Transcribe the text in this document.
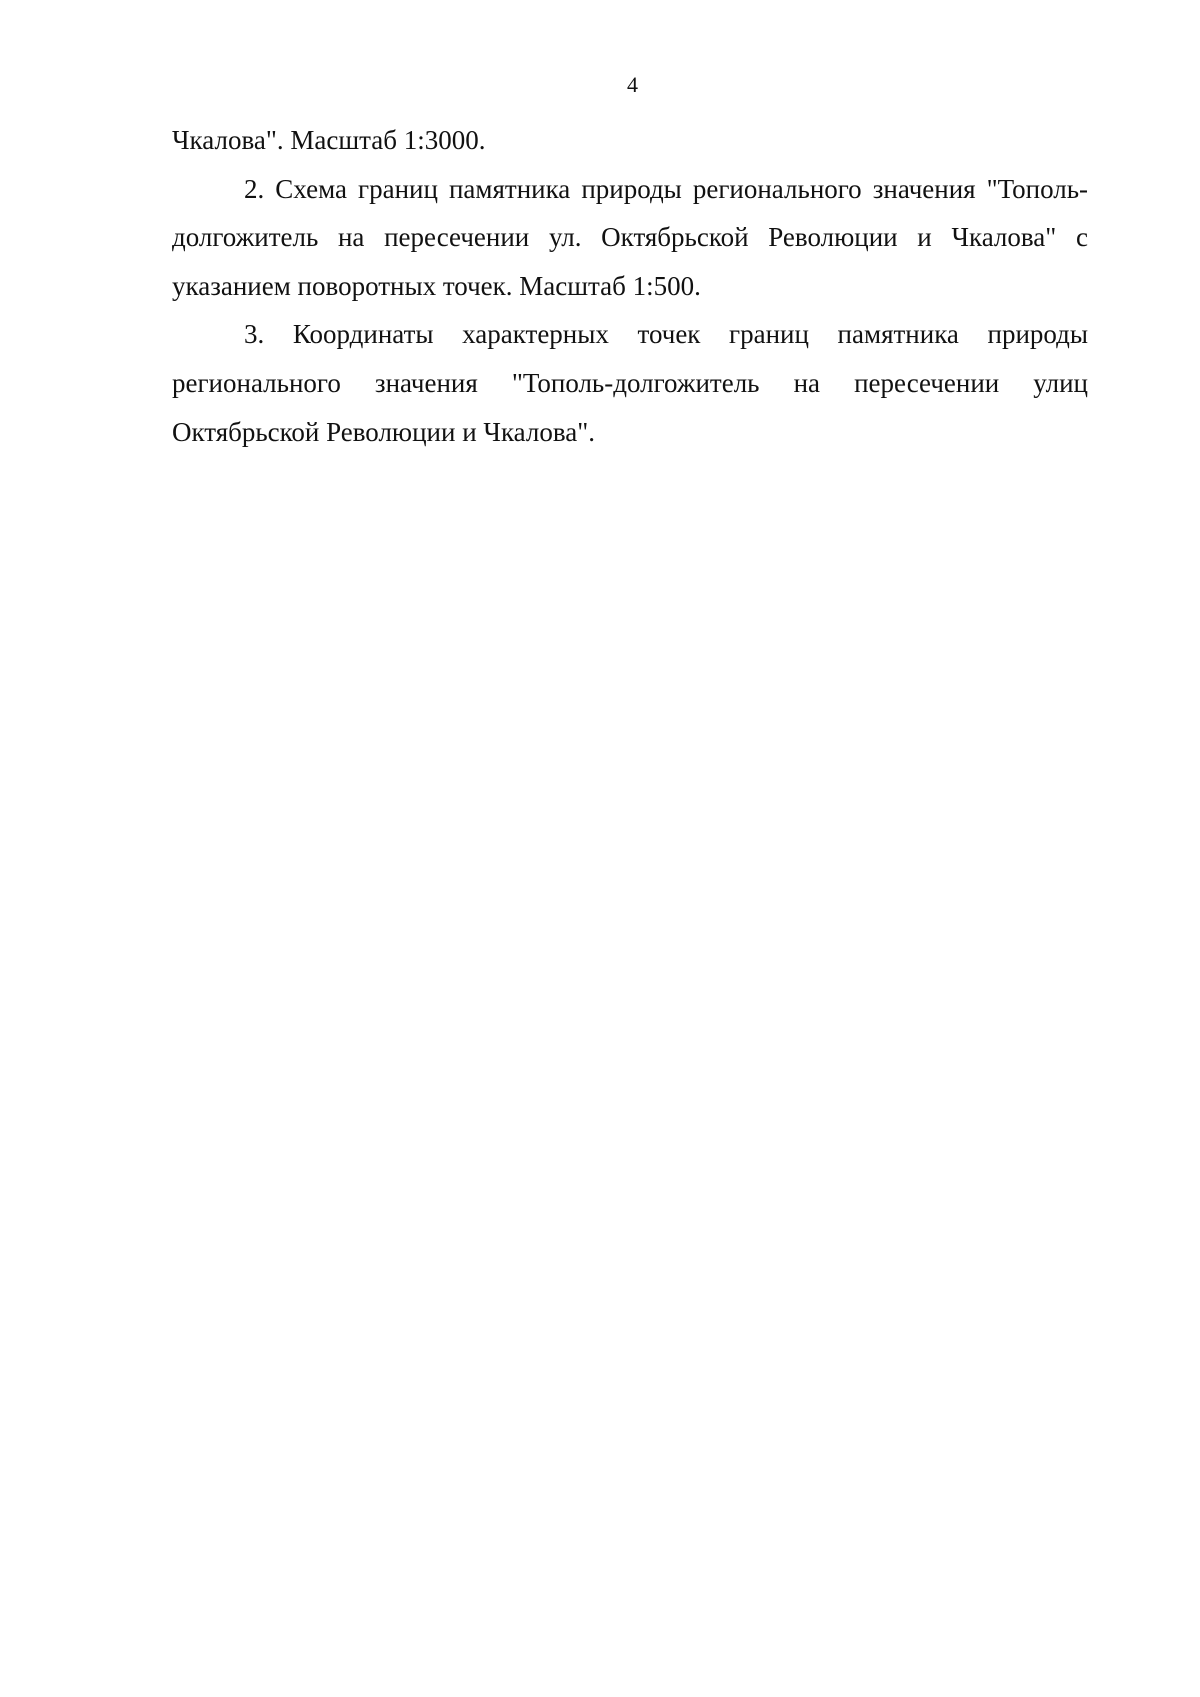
4

Чкалова". Масштаб 1:3000.

2. Схема границ памятника природы регионального значения "Тополь-долгожитель на пересечении ул. Октябрьской Революции и Чкалова" с указанием поворотных точек. Масштаб 1:500.

3. Координаты характерных точек границ памятника природы регионального значения "Тополь-долгожитель на пересечении улиц Октябрьской Революции и Чкалова".
